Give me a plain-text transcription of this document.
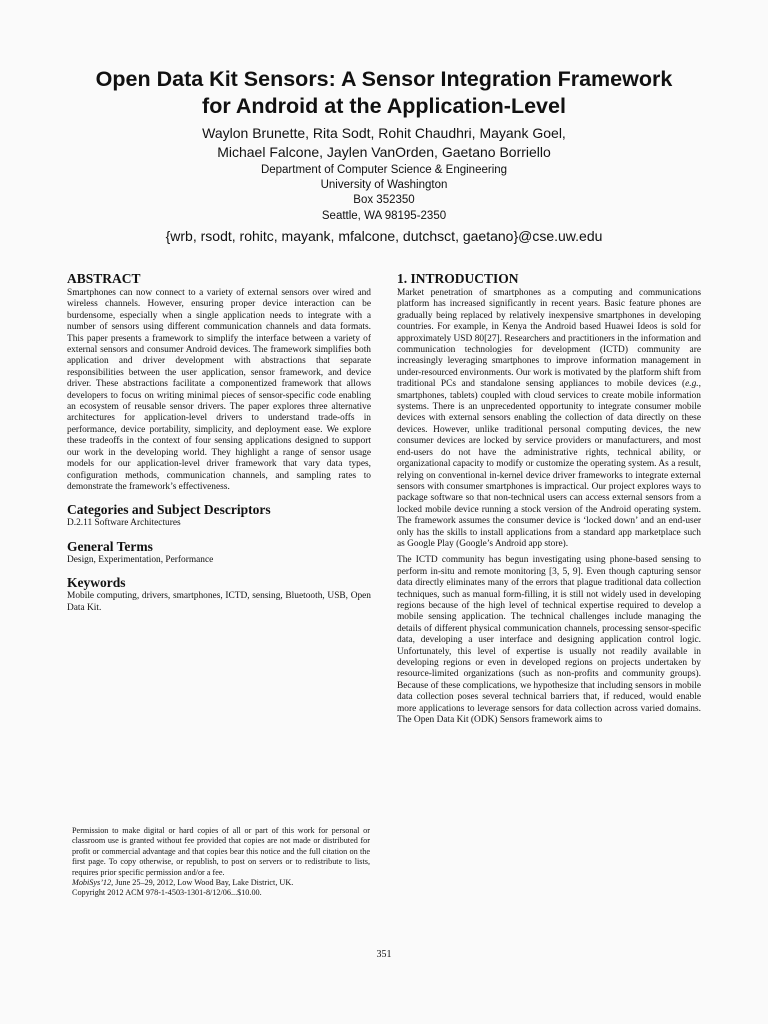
Open Data Kit Sensors: A Sensor Integration Framework
for Android at the Application-Level
Waylon Brunette, Rita Sodt, Rohit Chaudhri, Mayank Goel,
Michael Falcone, Jaylen VanOrden, Gaetano Borriello
Department of Computer Science & Engineering
University of Washington
Box 352350
Seattle, WA 98195-2350
{wrb, rsodt, rohitc, mayank, mfalcone, dutchsct, gaetano}@cse.uw.edu
ABSTRACT

Smartphones can now connect to a variety of external sensors over wired and wireless channels. However, ensuring proper device interaction can be burdensome, especially when a single application needs to integrate with a number of sensors using different communication channels and data formats. This paper presents a framework to simplify the interface between a variety of external sensors and consumer Android devices. The framework simplifies both application and driver development with abstractions that separate responsibilities between the user application, sensor framework, and device driver. These abstractions facilitate a componentized framework that allows developers to focus on writing minimal pieces of sensor-specific code enabling an ecosystem of reusable sensor drivers. The paper explores three alternative architectures for application-level drivers to understand trade-offs in performance, device portability, simplicity, and deployment ease. We explore these tradeoffs in the context of four sensing applications designed to support our work in the developing world. They highlight a range of sensor usage models for our application-level driver framework that vary data types, configuration methods, communication channels, and sampling rates to demonstrate the framework’s effectiveness.

Categories and Subject Descriptors

D.2.11 Software Architectures

General Terms

Design, Experimentation, Performance

Keywords

Mobile computing, drivers, smartphones, ICTD, sensing, Bluetooth, USB, Open Data Kit.

Permission to make digital or hard copies of all or part of this work for personal or classroom use is granted without fee provided that copies are not made or distributed for profit or commercial advantage and that copies bear this notice and the full citation on the first page. To copy otherwise, or republish, to post on servers or to redistribute to lists, requires prior specific permission and/or a fee.

MobiSys’12, June 25–29, 2012, Low Wood Bay, Lake District, UK.

Copyright 2012 ACM 978-1-4503-1301-8/12/06...$10.00.

1. INTRODUCTION

Market penetration of smartphones as a computing and communications platform has increased significantly in recent years. Basic feature phones are gradually being replaced by relatively inexpensive smartphones in developing countries. For example, in Kenya the Android based Huawei Ideos is sold for approximately USD 80[27]. Researchers and practitioners in the information and communication technologies for development (ICTD) community are increasingly leveraging smartphones to improve information management in under-resourced environments. Our work is motivated by the platform shift from traditional PCs and standalone sensing appliances to mobile devices (e.g., smartphones, tablets) coupled with cloud services to create mobile information systems. There is an unprecedented opportunity to integrate consumer mobile devices with external sensors enabling the collection of data directly on these devices. However, unlike traditional personal computing devices, the new consumer devices are locked by service providers or manufacturers, and most end-users do not have the administrative rights, technical ability, or organizational capacity to modify or customize the operating system. As a result, relying on conventional in-kernel device driver frameworks to integrate external sensors with consumer smartphones is impractical. Our project explores ways to package software so that non-technical users can access external sensors from a locked mobile device running a stock version of the Android operating system. The framework assumes the consumer device is ‘locked down’ and an end-user only has the skills to install applications from a standard app marketplace such as Google Play (Google’s Android app store).

The ICTD community has begun investigating using phone-based sensing to perform in-situ and remote monitoring [3, 5, 9]. Even though capturing sensor data directly eliminates many of the errors that plague traditional data collection techniques, such as manual form-filling, it is still not widely used in developing regions because of the high level of technical expertise required to develop a mobile sensing application. The technical challenges include managing the details of different physical communication channels, processing sensor-specific data, developing a user interface and designing application control logic. Unfortunately, this level of expertise is usually not readily available in developing regions or even in developed regions on projects undertaken by resource-limited organizations (such as non-profits and community groups). Because of these complications, we hypothesize that including sensors in mobile data collection poses several technical barriers that, if reduced, would enable more applications to leverage sensors for data collection across varied domains. The Open Data Kit (ODK) Sensors framework aims to

351
